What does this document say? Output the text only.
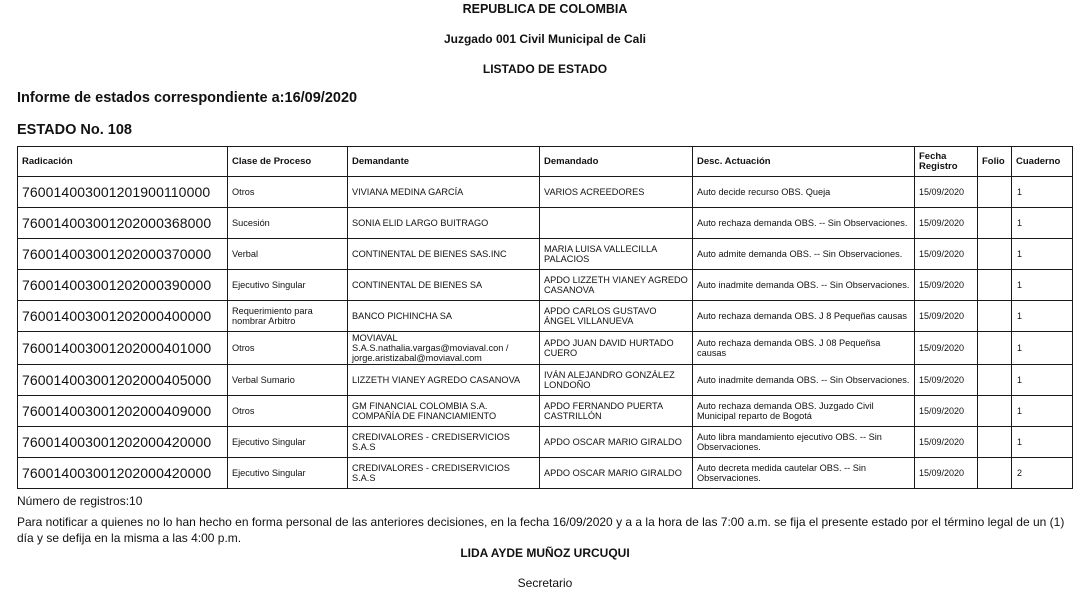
REPUBLICA DE COLOMBIA
Juzgado 001 Civil Municipal de Cali
LISTADO DE ESTADO
Informe de estados correspondiente a:16/09/2020
ESTADO No. 108
Radicación	Clase de Proceso	Demandante	Demandado	Desc. Actuación	Fecha Registro	Folio	Cuaderno
760014003001201900110000	Otros	VIVIANA MEDINA GARCÍA	VARIOS ACREEDORES	Auto decide recurso OBS. Queja	15/09/2020		1
760014003001202000368000	Sucesión	SONIA ELID LARGO BUITRAGO		Auto rechaza demanda OBS. -- Sin Observaciones.	15/09/2020		1
760014003001202000370000	Verbal	CONTINENTAL DE BIENES SAS.INC	MARIA LUISA VALLECILLA PALACIOS	Auto admite demanda OBS. -- Sin Observaciones.	15/09/2020		1
760014003001202000390000	Ejecutivo Singular	CONTINENTAL DE BIENES SA	APDO LIZZETH VIANEY AGREDO CASANOVA	Auto inadmite demanda OBS. -- Sin Observaciones.	15/09/2020		1
760014003001202000400000	Requerimiento para nombrar Arbitro	BANCO PICHINCHA SA	APDO CARLOS GUSTAVO ÁNGEL VILLANUEVA	Auto rechaza demanda OBS. J 8 Pequeñas causas	15/09/2020		1
760014003001202000401000	Otros	MOVIAVAL S.A.S.nathalia.vargas@moviaval.con / jorge.aristizabal@moviaval.com	APDO JUAN DAVID HURTADO CUERO	Auto rechaza demanda OBS. J 08 Pequeñsa causas	15/09/2020		1
760014003001202000405000	Verbal Sumario	LIZZETH VIANEY AGREDO CASANOVA	IVÁN ALEJANDRO GONZÁLEZ LONDOÑO	Auto inadmite demanda OBS. -- Sin Observaciones.	15/09/2020		1
760014003001202000409000	Otros	GM FINANCIAL COLOMBIA S.A. COMPAÑÍA DE FINANCIAMIENTO	APDO FERNANDO PUERTA CASTRILLÓN	Auto rechaza demanda OBS. Juzgado Civil Municipal reparto de Bogotá	15/09/2020		1
760014003001202000420000	Ejecutivo Singular	CREDIVALORES - CREDISERVICIOS S.A.S	APDO OSCAR MARIO GIRALDO	Auto libra mandamiento ejecutivo OBS. -- Sin Observaciones.	15/09/2020		1
760014003001202000420000	Ejecutivo Singular	CREDIVALORES - CREDISERVICIOS S.A.S	APDO OSCAR MARIO GIRALDO	Auto decreta medida cautelar OBS. -- Sin Observaciones.	15/09/2020		2
Número de registros:10
Para notificar a quienes no lo han hecho en forma personal de las anteriores decisiones, en la fecha 16/09/2020 y a a la hora de las 7:00 a.m. se fija el presente estado por el término legal de un (1) día y se defija en la misma a las 4:00 p.m.
LIDA AYDE MUÑOZ URCUQUI
Secretario
